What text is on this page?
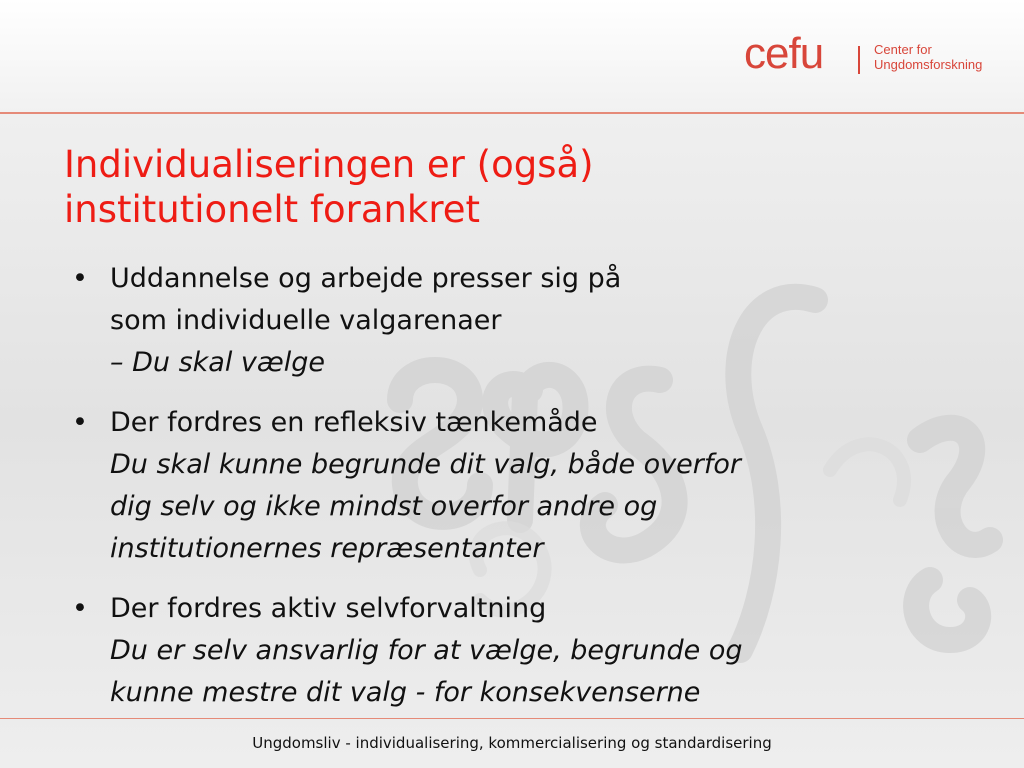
cefu	Center for
Ungdomsforskning
Individualiseringen er (også)
institutionelt forankret
• Uddannelse og arbejde presser sig på
som individuelle valgarenaer
– Du skal vælge
• Der fordres en refleksiv tænkemåde
Du skal kunne begrunde dit valg, både overfor
dig selv og ikke mindst overfor andre og
institutionernes repræsentanter
• Der fordres aktiv selvforvaltning
Du er selv ansvarlig for at vælge, begrunde og
kunne mestre dit valg - for konsekvenserne
Ungdomsliv - individualisering, kommercialisering og standardisering
